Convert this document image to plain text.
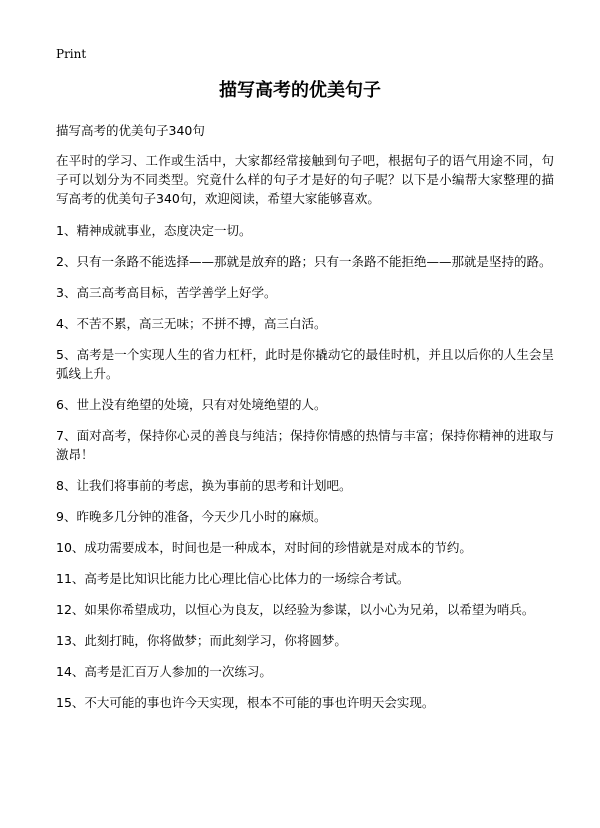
Print
描写高考的优美句子

描写高考的优美句子340句

在平时的学习、工作或生活中，大家都经常接触到句子吧，根据句子的语气用途不同，句子可以划分为不同类型。究竟什么样的句子才是好的句子呢？以下是小编帮大家整理的描写高考的优美句子340句，欢迎阅读，希望大家能够喜欢。

1、精神成就事业，态度决定一切。
2、只有一条路不能选择——那就是放弃的路；只有一条路不能拒绝——那就是坚持的路。
3、高三高考高目标，苦学善学上好学。
4、不苦不累，高三无味；不拼不搏，高三白活。
5、高考是一个实现人生的省力杠杆，此时是你撬动它的最佳时机，并且以后你的人生会呈弧线上升。
6、世上没有绝望的处境，只有对处境绝望的人。
7、面对高考，保持你心灵的善良与纯洁；保持你情感的热情与丰富；保持你精神的进取与激昂！
8、让我们将事前的考虑，换为事前的思考和计划吧。
9、昨晚多几分钟的准备，今天少几小时的麻烦。
10、成功需要成本，时间也是一种成本，对时间的珍惜就是对成本的节约。
11、高考是比知识比能力比心理比信心比体力的一场综合考试。
12、如果你希望成功，以恒心为良友，以经验为参谋，以小心为兄弟，以希望为哨兵。
13、此刻打盹，你将做梦；而此刻学习，你将圆梦。
14、高考是汇百万人参加的一次练习。
15、不大可能的事也许今天实现，根本不可能的事也许明天会实现。
